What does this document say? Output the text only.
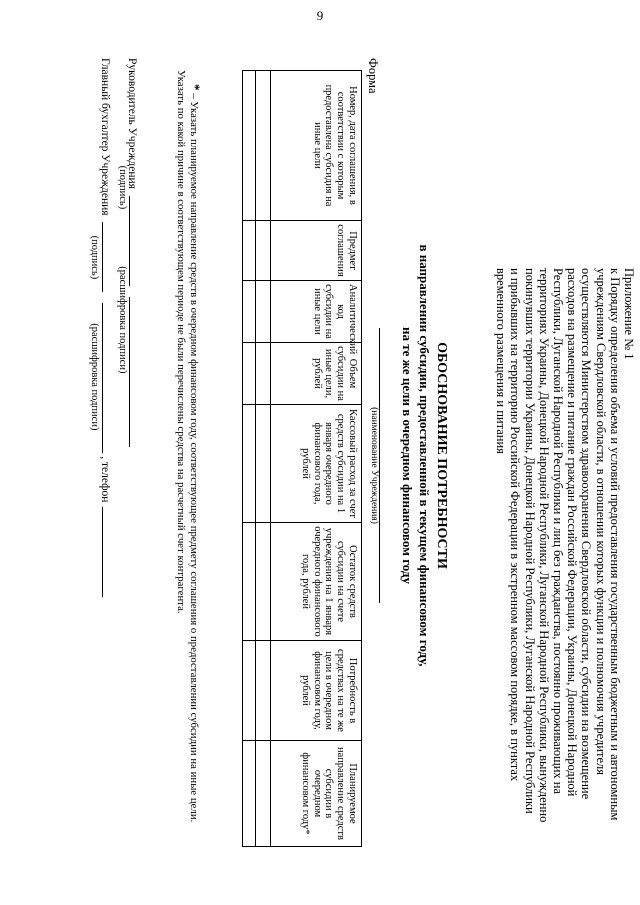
9
Приложение № 1
к Порядку определения объема и условий предоставления государственным бюджетным и автономным учреждениям Свердловской области, в отношении которых функции и полномочия учредителя осуществляются Министерством здравоохранения Свердловской области, субсидии на возмещение расходов на размещение и питание граждан Российской Федерации, Украины, Донецкой Народной Республики, Луганской Народной Республики и лиц без гражданства, постоянно проживающих на территориях Украины, Донецкой Народной Республики, Луганской Народной Республики, вынужденно покинувших территории Украины, Донецкой Народной Республики, Луганской Народной Республики и прибывших на территорию Российской Федерации в экстренном массовом порядке, в пунктах временного размещения и питания
Форма
ОБОСНОВАНИЕ ПОТРЕБНОСТИ
в направлении субсидии, предоставленной в текущем финансовом году,
на те же цели в очередном финансовом году
(наименование Учреждения)
Номер, дата соглашения, в соответствии с которым предоставлена субсидия на иные цели	Предмет соглашения	Аналитический код субсидии на иные цели	Объем субсидии на иные цели, рублей	Кассовый расход за счет средств субсидии на 1 января очередного финансового года, рублей	Остаток средств субсидии на счете учреждения на 1 января очередного финансового года, рублей	Потребность в средствах на те же цели в очередном финансовом году, рублей	Планируемое направление средств субсидии в очередном финансовом году*

* – Указать планируемое направление средств в очередном финансовом году, соответствующее предмету соглашения о предоставлении субсидии на иные цели. Указать по какой причине в соответствующем периоде не были перечислены средства на расчетный счет контрагента.
Руководитель Учреждения
(подпись) (расшифровка подписи)
Главный бухгалтер Учреждения   , телефон
(подпись) (расшифровка подписи)
